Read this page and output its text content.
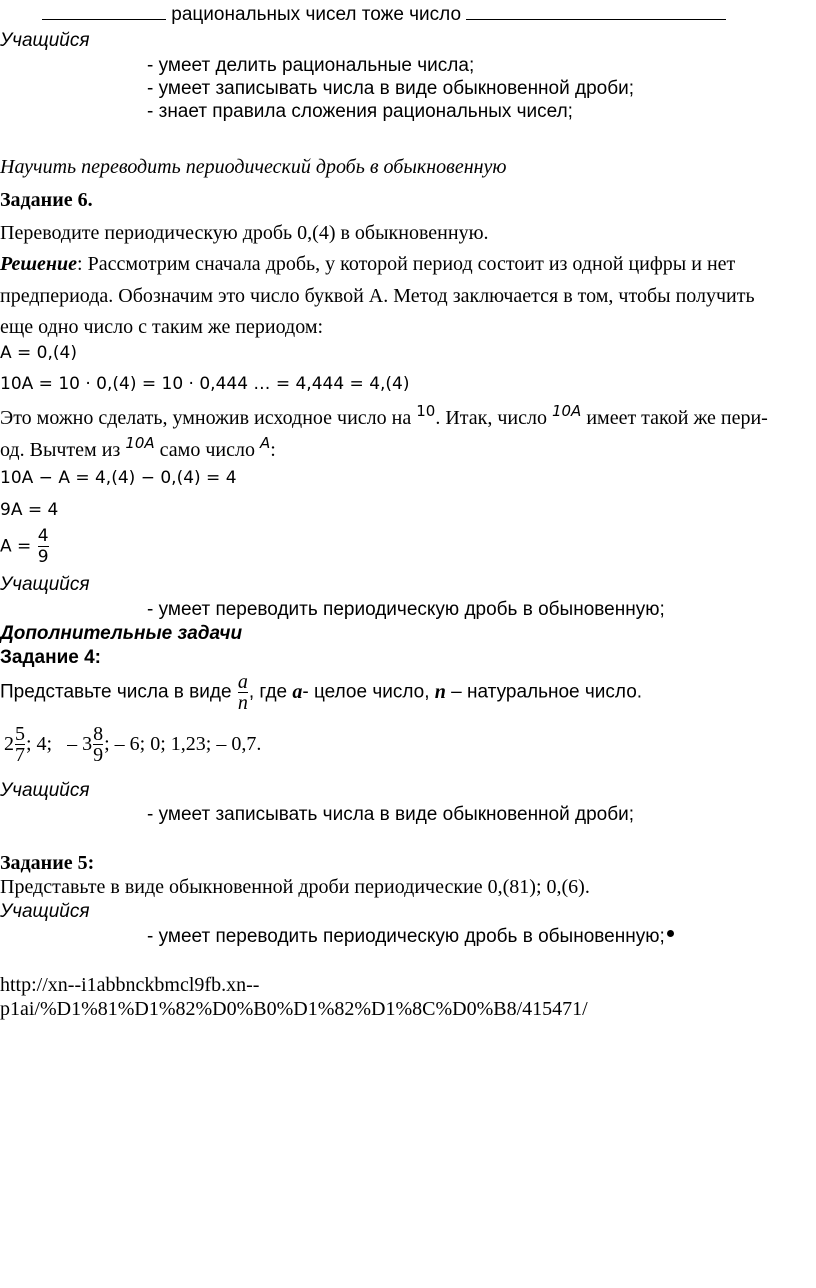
рациональных чисел тоже число
Учащийся
- умеет делить рациональные числа;
- умеет записывать числа в виде обыкновенной дроби;
- знает правила сложения рациональных чисел;
Научить переводить периодический дробь в обыкновенную
Задание 6.
Переводите периодическую дробь 0,(4) в обыкновенную.
Решение: Рассмотрим сначала дробь, у которой период состоит из одной цифры и нет
предпериода. Обозначим это число буквой А. Метод заключается в том, чтобы получить
еще одно число с таким же периодом:
A = 0,(4)
10A = 10 · 0,(4) = 10 · 0,444 … = 4,444 = 4,(4)
Это можно сделать, умножив исходное число на $^{10}$. Итак, число $^{10A}$ имеет такой же пери-
од. Вычтем из $^{10A}$ само число $^A$:
10A − A = 4,(4) − 0,(4) = 4
9A = 4
$A = \frac{4}{9}$
Учащийся
- умеет переводить периодическую дробь в обыновенную;
Дополнительные задачи
Задание 4:
Представьте числа в виде $\frac{a}{n}$ , где a- целое число, n – натуральное число.
$2 \frac{5}{7}$ ; 4;   – $3 \frac{8}{9}$ ; – 6; 0; 1,23; – 0,7.
Учащийся
- умеет записывать числа в виде обыкновенной дроби;
Задание 5:
Представьте в виде обыкновенной дроби периодические 0,(81); 0,(6).
Учащийся
- умеет переводить периодическую дробь в обыновенную;
http://xn--i1abbnckbmcl9fb.xn--
p1ai/%D1%81%D1%82%D0%B0%D1%82%D1%8C%D0%B8/415471/
